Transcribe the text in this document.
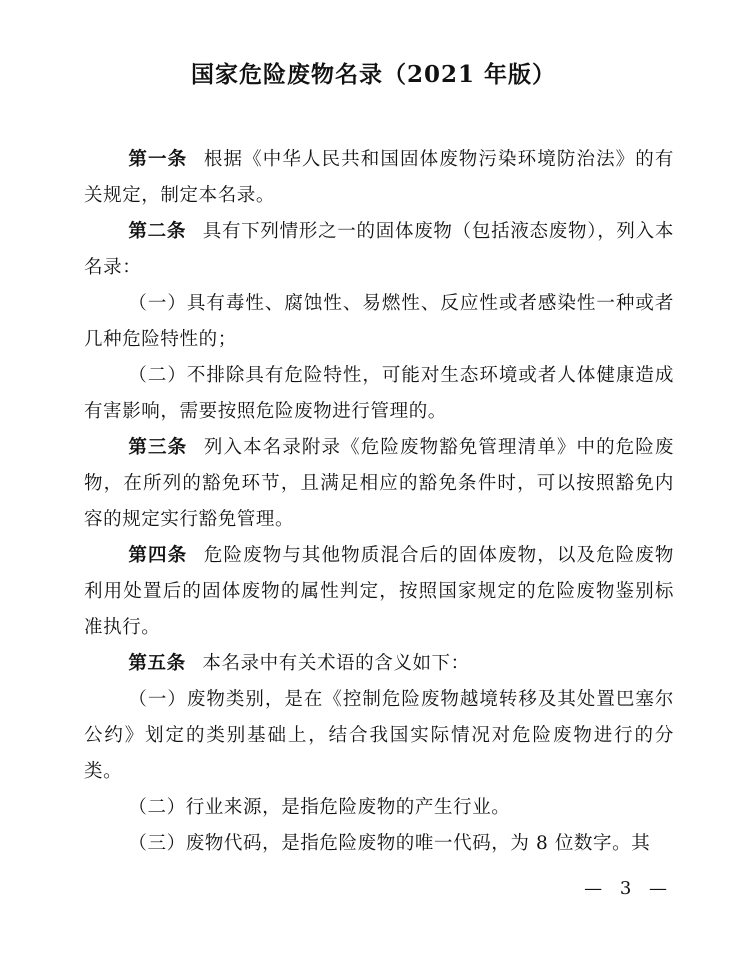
国家危险废物名录（2021 年版）

第一条 根据《中华人民共和国固体废物污染环境防治法》的有关规定，制定本名录。

第二条 具有下列情形之一的固体废物（包括液态废物），列入本名录：

（一）具有毒性、腐蚀性、易燃性、反应性或者感染性一种或者几种危险特性的；

（二）不排除具有危险特性，可能对生态环境或者人体健康造成有害影响，需要按照危险废物进行管理的。

第三条 列入本名录附录《危险废物豁免管理清单》中的危险废物，在所列的豁免环节，且满足相应的豁免条件时，可以按照豁免内容的规定实行豁免管理。

第四条 危险废物与其他物质混合后的固体废物，以及危险废物利用处置后的固体废物的属性判定，按照国家规定的危险废物鉴别标准执行。

第五条 本名录中有关术语的含义如下：

（一）废物类别，是在《控制危险废物越境转移及其处置巴塞尔公约》划定的类别基础上，结合我国实际情况对危险废物进行的分类。

（二）行业来源，是指危险废物的产生行业。

（三）废物代码，是指危险废物的唯一代码，为 8 位数字。其

— 3 —
